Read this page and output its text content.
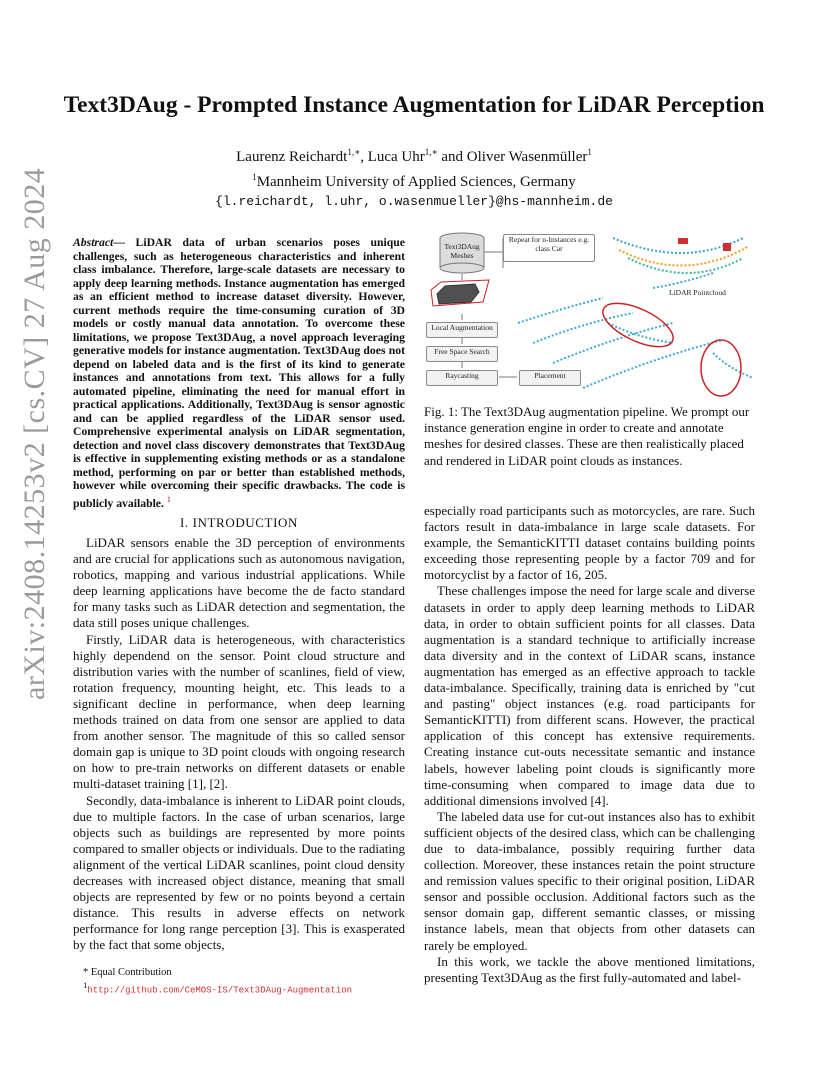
arXiv:2408.14253v2 [cs.CV] 27 Aug 2024
Text3DAug - Prompted Instance Augmentation for LiDAR Perception
Laurenz Reichardt$^{1,∗}$, Luca Uhr$^{1,∗}$ and Oliver Wasenmüller$^1$
$^1$Mannheim University of Applied Sciences, Germany
{l.reichardt, l.uhr, o.wasenmueller}@hs-mannheim.de
Abstract— LiDAR data of urban scenarios poses unique challenges, such as heterogeneous characteristics and inherent class imbalance. Therefore, large-scale datasets are necessary to apply deep learning methods. Instance augmentation has emerged as an efficient method to increase dataset diversity. However, current methods require the time-consuming curation of 3D models or costly manual data annotation. To overcome these limitations, we propose Text3DAug, a novel approach leveraging generative models for instance augmentation. Text3DAug does not depend on labeled data and is the first of its kind to generate instances and annotations from text. This allows for a fully automated pipeline, eliminating the need for manual effort in practical applications. Additionally, Text3DAug is sensor agnostic and can be applied regardless of the LiDAR sensor used. Comprehensive experimental analysis on LiDAR segmentation, detection and novel class discovery demonstrates that Text3DAug is effective in supplementing existing methods or as a standalone method, performing on par or better than established methods, however while overcoming their specific drawbacks. The code is publicly available. $^1$
I. INTRODUCTION

LiDAR sensors enable the 3D perception of environments and are crucial for applications such as autonomous navigation, robotics, mapping and various industrial applications. While deep learning applications have become the de facto standard for many tasks such as LiDAR detection and segmentation, the data still poses unique challenges.

Firstly, LiDAR data is heterogeneous, with characteristics highly dependend on the sensor. Point cloud structure and distribution varies with the number of scanlines, field of view, rotation frequency, mounting height, etc. This leads to a significant decline in performance, when deep learning methods trained on data from one sensor are applied to data from another sensor. The magnitude of this so called sensor domain gap is unique to 3D point clouds with ongoing research on how to pre-train networks on different datasets or enable multi-dataset training [1], [2].

Secondly, data-imbalance is inherent to LiDAR point clouds, due to multiple factors. In the case of urban scenarios, large objects such as buildings are represented by more points compared to smaller objects or individuals. Due to the radiating alignment of the vertical LiDAR scanlines, point cloud density decreases with increased object distance, meaning that small objects are represented by few or no points beyond a certain distance. This results in adverse effects on network performance for long range perception [3]. This is exasperated by the fact that some objects,

* Equal Contribution
$^1$http://github.com/CeMOS-IS/Text3DAug-Augmentation
Text3DAug Meshes
Repeat for n-Instances e.g. class Car
Local Augmentation
Free Space Search
Raycasting	Placement
LiDAR Pointcloud
Fig. 1: The Text3DAug augmentation pipeline. We prompt our instance generation engine in order to create and annotate meshes for desired classes. These are then realistically placed and rendered in LiDAR point clouds as instances.

especially road participants such as motorcycles, are rare. Such factors result in data-imbalance in large scale datasets. For example, the SemanticKITTI dataset contains building points exceeding those representing people by a factor 709 and for motorcyclist by a factor of 16, 205.

These challenges impose the need for large scale and diverse datasets in order to apply deep learning methods to LiDAR data, in order to obtain sufficient points for all classes. Data augmentation is a standard technique to artificially increase data diversity and in the context of LiDAR scans, instance augmentation has emerged as an effective approach to tackle data-imbalance. Specifically, training data is enriched by "cut and pasting" object instances (e.g. road participants for SemanticKITTI) from different scans. However, the practical application of this concept has extensive requirements. Creating instance cut-outs necessitate semantic and instance labels, however labeling point clouds is significantly more time-consuming when compared to image data due to additional dimensions involved [4].

The labeled data use for cut-out instances also has to exhibit sufficient objects of the desired class, which can be challenging due to data-imbalance, possibly requiring further data collection. Moreover, these instances retain the point structure and remission values specific to their original position, LiDAR sensor and possible occlusion. Additional factors such as the sensor domain gap, different semantic classes, or missing instance labels, mean that objects from other datasets can rarely be employed.

In this work, we tackle the above mentioned limitations, presenting Text3DAug as the first fully-automated and label-
